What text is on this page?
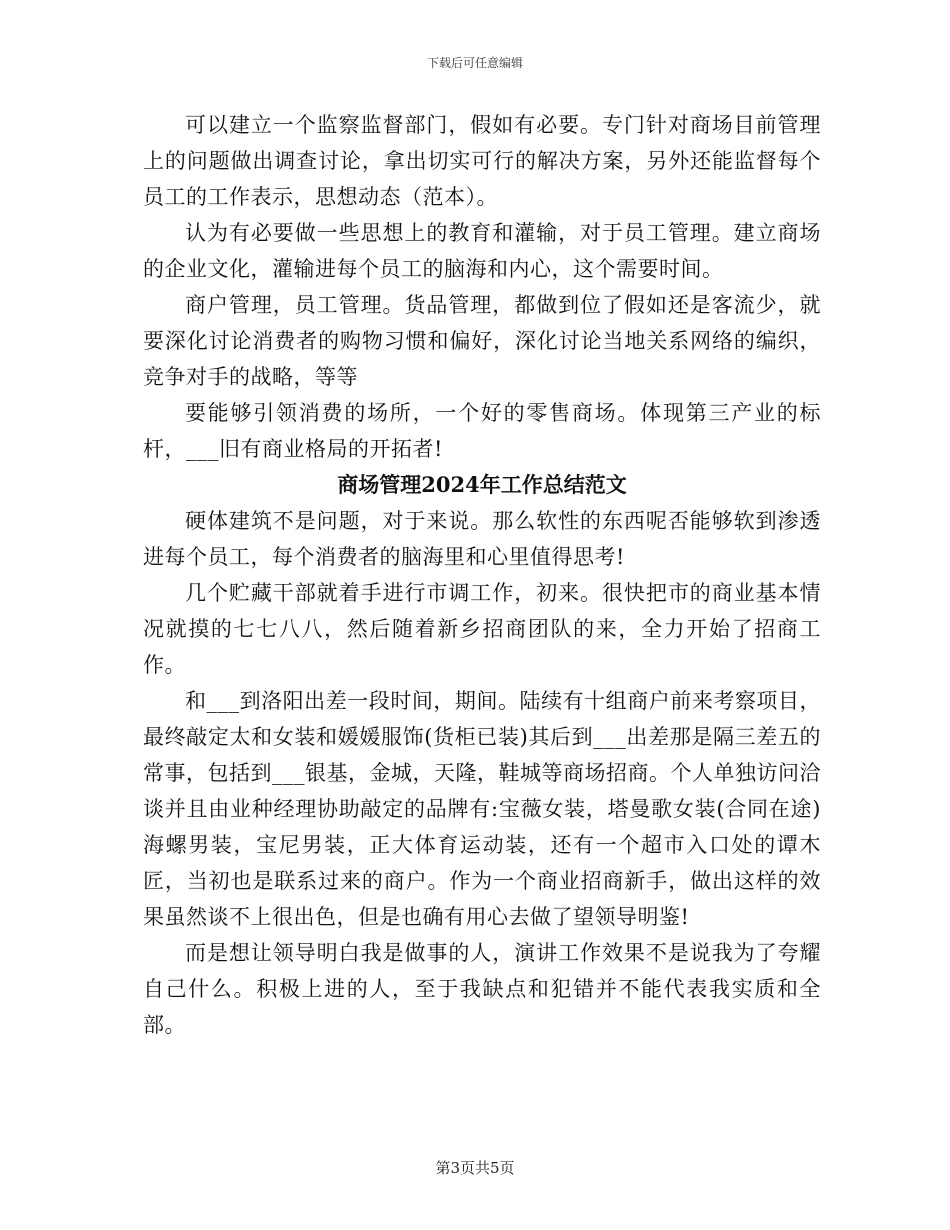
下载后可任意编辑

可以建立一个监察监督部门，假如有必要。专门针对商场目前管理上的问题做出调查讨论，拿出切实可行的解决方案，另外还能监督每个员工的工作表示，思想动态（范本）。

认为有必要做一些思想上的教育和灌输，对于员工管理。建立商场的企业文化，灌输进每个员工的脑海和内心，这个需要时间。

商户管理，员工管理。货品管理，都做到位了假如还是客流少，就要深化讨论消费者的购物习惯和偏好，深化讨论当地关系网络的编织，竞争对手的战略，等等

要能够引领消费的场所，一个好的零售商场。体现第三产业的标杆，___旧有商业格局的开拓者!

商场管理2024年工作总结范文

硬体建筑不是问题，对于来说。那么软性的东西呢否能够软到渗透进每个员工，每个消费者的脑海里和心里值得思考!

几个贮藏干部就着手进行市调工作，初来。很快把市的商业基本情况就摸的七七八八，然后随着新乡招商团队的来，全力开始了招商工作。

和___到洛阳出差一段时间，期间。陆续有十组商户前来考察项目，最终敲定太和女装和媛媛服饰(货柜已装)其后到___出差那是隔三差五的常事，包括到___银基，金城，天隆，鞋城等商场招商。个人单独访问洽谈并且由业种经理协助敲定的品牌有:宝薇女装，塔曼歌女装(合同在途)海螺男装，宝尼男装，正大体育运动装，还有一个超市入口处的谭木匠，当初也是联系过来的商户。作为一个商业招商新手，做出这样的效果虽然谈不上很出色，但是也确有用心去做了望领导明鉴!

而是想让领导明白我是做事的人，演讲工作效果不是说我为了夸耀自己什么。积极上进的人，至于我缺点和犯错并不能代表我实质和全部。

第3页共5页
